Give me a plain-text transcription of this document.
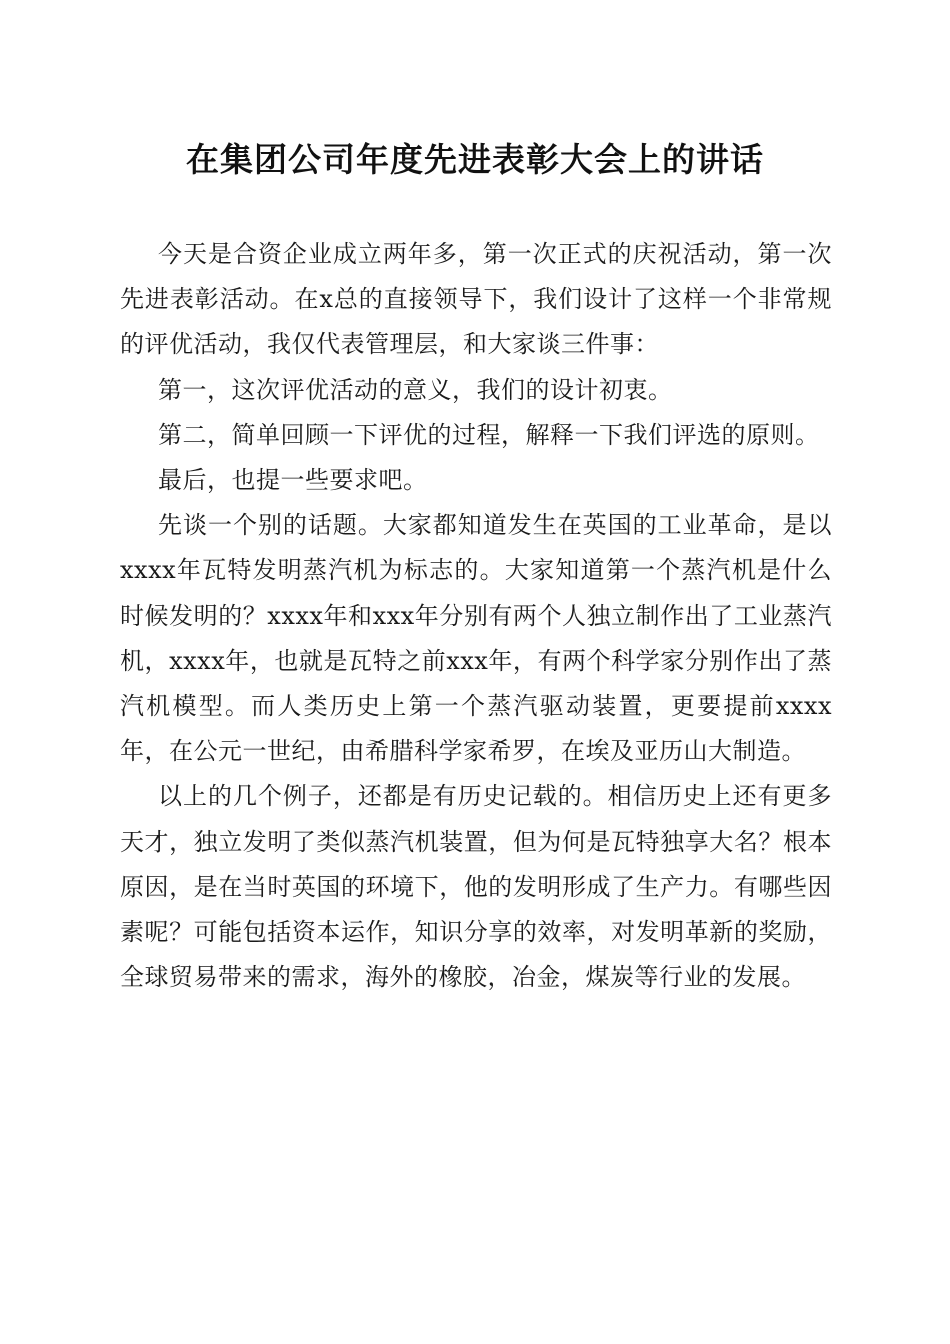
在集团公司年度先进表彰大会上的讲话

今天是合资企业成立两年多，第一次正式的庆祝活动，第一次先进表彰活动。在x总的直接领导下，我们设计了这样一个非常规的评优活动，我仅代表管理层，和大家谈三件事：

第一，这次评优活动的意义，我们的设计初衷。

第二，简单回顾一下评优的过程，解释一下我们评选的原则。

最后，也提一些要求吧。

先谈一个别的话题。大家都知道发生在英国的工业革命，是以xxxx年瓦特发明蒸汽机为标志的。大家知道第一个蒸汽机是什么时候发明的？xxxx年和xxx年分别有两个人独立制作出了工业蒸汽机，xxxx年，也就是瓦特之前xxx年，有两个科学家分别作出了蒸汽机模型。而人类历史上第一个蒸汽驱动装置，更要提前xxxx年，在公元一世纪，由希腊科学家希罗，在埃及亚历山大制造。

以上的几个例子，还都是有历史记载的。相信历史上还有更多天才，独立发明了类似蒸汽机装置，但为何是瓦特独享大名？根本原因，是在当时英国的环境下，他的发明形成了生产力。有哪些因素呢？可能包括资本运作，知识分享的效率，对发明革新的奖励，全球贸易带来的需求，海外的橡胶，冶金，煤炭等行业的发展。
